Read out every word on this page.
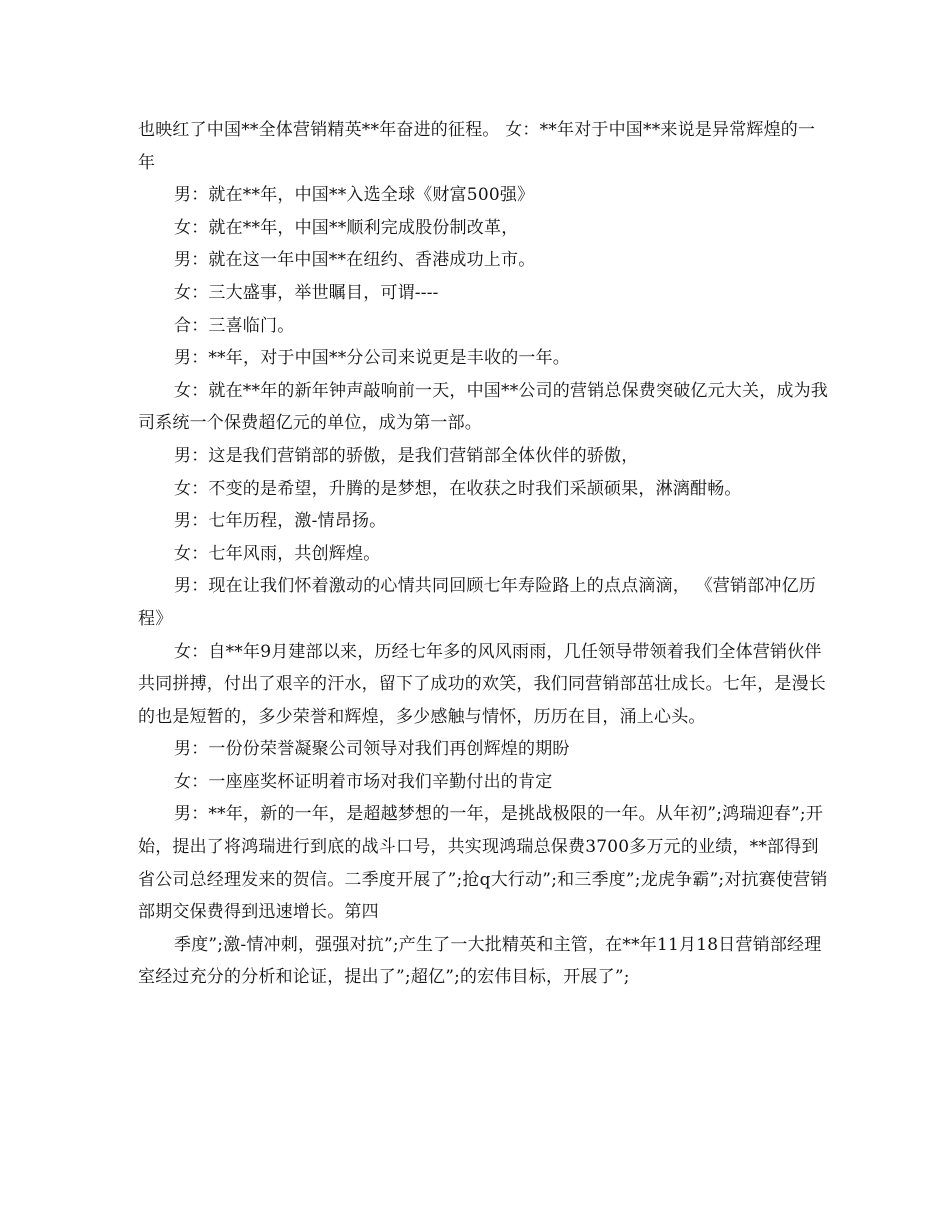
也映红了中国**全体营销精英**年奋进的征程。 女：**年对于中国**来说是异常辉煌的一年

男：就在**年，中国**入选全球《财富500强》

女：就在**年，中国**顺利完成股份制改革，

男：就在这一年中国**在纽约、香港成功上市。

女：三大盛事，举世瞩目，可谓----

合：三喜临门。

男：**年，对于中国**分公司来说更是丰收的一年。

女：就在**年的新年钟声敲响前一天，中国**公司的营销总保费突破亿元大关，成为我司系统一个保费超亿元的单位，成为第一部。

男：这是我们营销部的骄傲，是我们营销部全体伙伴的骄傲，

女：不变的是希望，升腾的是梦想，在收获之时我们采颉硕果，淋漓酣畅。

男：七年历程，激-情昂扬。

女：七年风雨，共创辉煌。

男：现在让我们怀着激动的心情共同回顾七年寿险路上的点点滴滴， 《营销部冲亿历程》

女：自**年9月建部以来，历经七年多的风风雨雨，几任领导带领着我们全体营销伙伴共同拼搏，付出了艰辛的汗水，留下了成功的欢笑，我们同营销部茁壮成长。七年，是漫长的也是短暂的，多少荣誉和辉煌，多少感触与情怀，历历在目，涌上心头。

男：一份份荣誉凝聚公司领导对我们再创辉煌的期盼

女：一座座奖杯证明着市场对我们辛勤付出的肯定

男：**年，新的一年，是超越梦想的一年，是挑战极限的一年。从年初”;鸿瑞迎春”;开始，提出了将鸿瑞进行到底的战斗口号，共实现鸿瑞总保费3700多万元的业绩，**部得到省公司总经理发来的贺信。二季度开展了”;抢q大行动”;和三季度”;龙虎争霸”;对抗赛使营销部期交保费得到迅速增长。第四

季度”;激-情冲刺，强强对抗”;产生了一大批精英和主管，在**年11月18日营销部经理室经过充分的分析和论证，提出了”;超亿”;的宏伟目标，开展了”;
